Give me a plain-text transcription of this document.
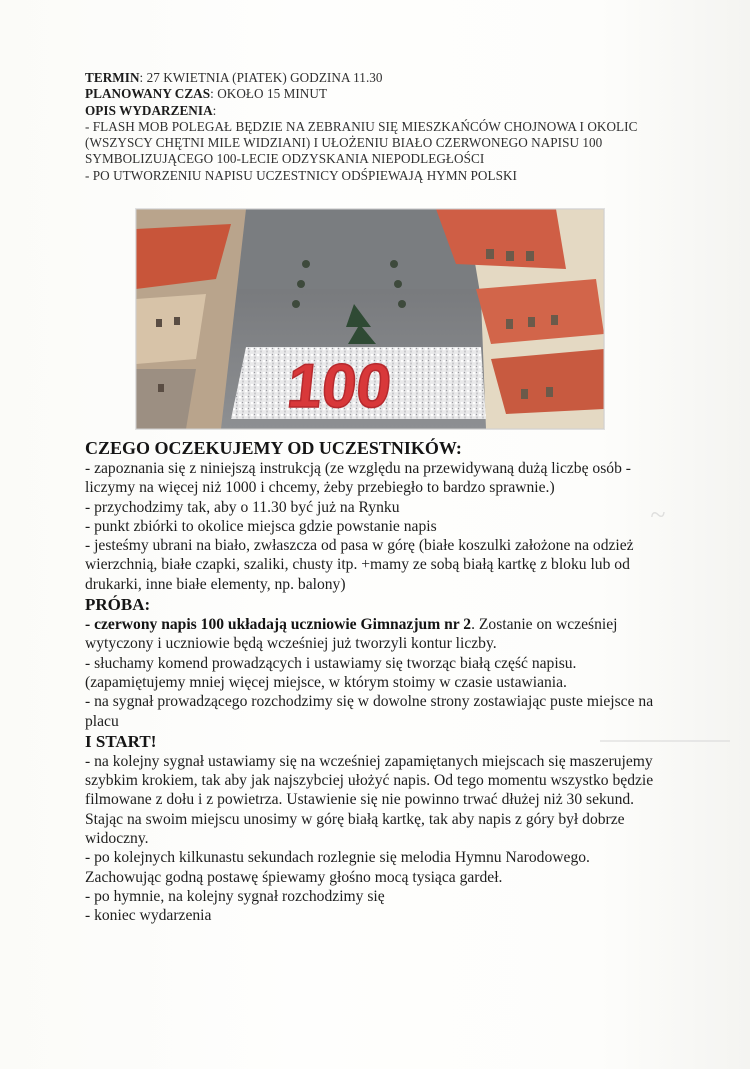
~
TERMIN: 27 KWIETNIA (PIATEK) GODZINA 11.30
PLANOWANY CZAS: OKOŁO 15 MINUT
OPIS WYDARZENIA:
- FLASH MOB POLEGAŁ BĘDZIE NA ZEBRANIU SIĘ MIESZKAŃCÓW CHOJNOWA I OKOLIC
(WSZYSCY CHĘTNI MILE WIDZIANI) I UŁOŻENIU BIAŁO CZERWONEGO NAPISU 100
SYMBOLIZUJĄCEGO 100-LECIE ODZYSKANIA NIEPODLEGŁOŚCI
- PO UTWORZENIU NAPISU UCZESTNICY ODŚPIEWAJĄ HYMN POLSKI
100
CZEGO OCZEKUJEMY OD UCZESTNIKÓW:
- zapoznania się z niniejszą instrukcją (ze względu na przewidywaną dużą liczbę osób -
liczymy na więcej niż 1000 i chcemy, żeby przebiegło to bardzo sprawnie.)
- przychodzimy tak, aby o 11.30 być już na Rynku
- punkt zbiórki to okolice miejsca gdzie powstanie napis
- jesteśmy ubrani na biało, zwłaszcza od pasa w górę (białe koszulki założone na odzież
wierzchnią, białe czapki, szaliki, chusty itp. +mamy ze sobą białą kartkę z bloku lub od
drukarki, inne białe elementy, np. balony)
PRÓBA:
- czerwony napis 100 układają uczniowie Gimnazjum nr 2. Zostanie on wcześniej
wytyczony i uczniowie będą wcześniej już tworzyli kontur liczby.
- słuchamy komend prowadzących i ustawiamy się tworząc białą część napisu.
(zapamiętujemy mniej więcej miejsce, w którym stoimy w czasie ustawiania.
- na sygnał prowadzącego rozchodzimy się w dowolne strony zostawiając puste miejsce na
placu
I START!
- na kolejny sygnał ustawiamy się na wcześniej zapamiętanych miejscach się maszerujemy
szybkim krokiem, tak aby jak najszybciej ułożyć napis. Od tego momentu wszystko będzie
filmowane z dołu i z powietrza. Ustawienie się nie powinno trwać dłużej niż 30 sekund.
Stając na swoim miejscu unosimy w górę białą kartkę, tak aby napis z góry był dobrze
widoczny.
- po kolejnych kilkunastu sekundach rozlegnie się melodia Hymnu Narodowego.
Zachowując godną postawę śpiewamy głośno mocą tysiąca gardeł.
- po hymnie, na kolejny sygnał rozchodzimy się
- koniec wydarzenia
